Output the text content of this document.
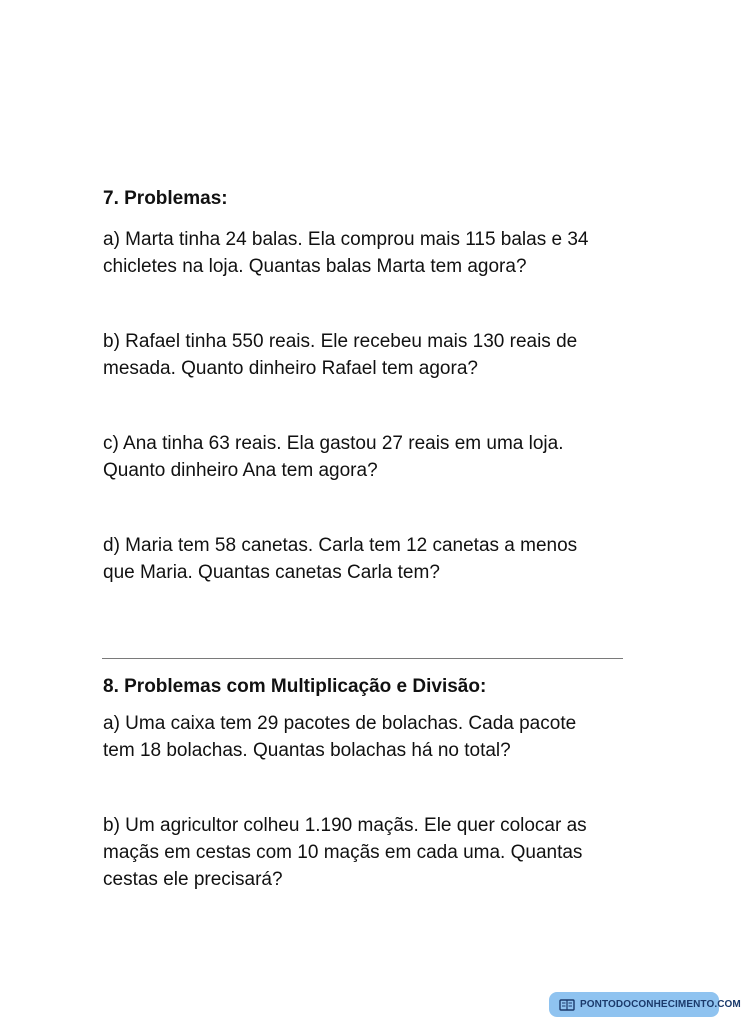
7. Problemas:

a) Marta tinha 24 balas. Ela comprou mais 115 balas e 34
chicletes na loja. Quantas balas Marta tem agora?

b) Rafael tinha 550 reais. Ele recebeu mais 130 reais de
mesada. Quanto dinheiro Rafael tem agora?

c) Ana tinha 63 reais. Ela gastou 27 reais em uma loja.
Quanto dinheiro Ana tem agora?

d) Maria tem 58 canetas. Carla tem 12 canetas a menos
que Maria. Quantas canetas Carla tem?

8. Problemas com Multiplicação e Divisão:

a) Uma caixa tem 29 pacotes de bolachas. Cada pacote
tem 18 bolachas. Quantas bolachas há no total?

b) Um agricultor colheu 1.190 maçãs. Ele quer colocar as
maçãs em cestas com 10 maçãs em cada uma. Quantas
cestas ele precisará?

PONTODOCONHECIMENTO.COM
